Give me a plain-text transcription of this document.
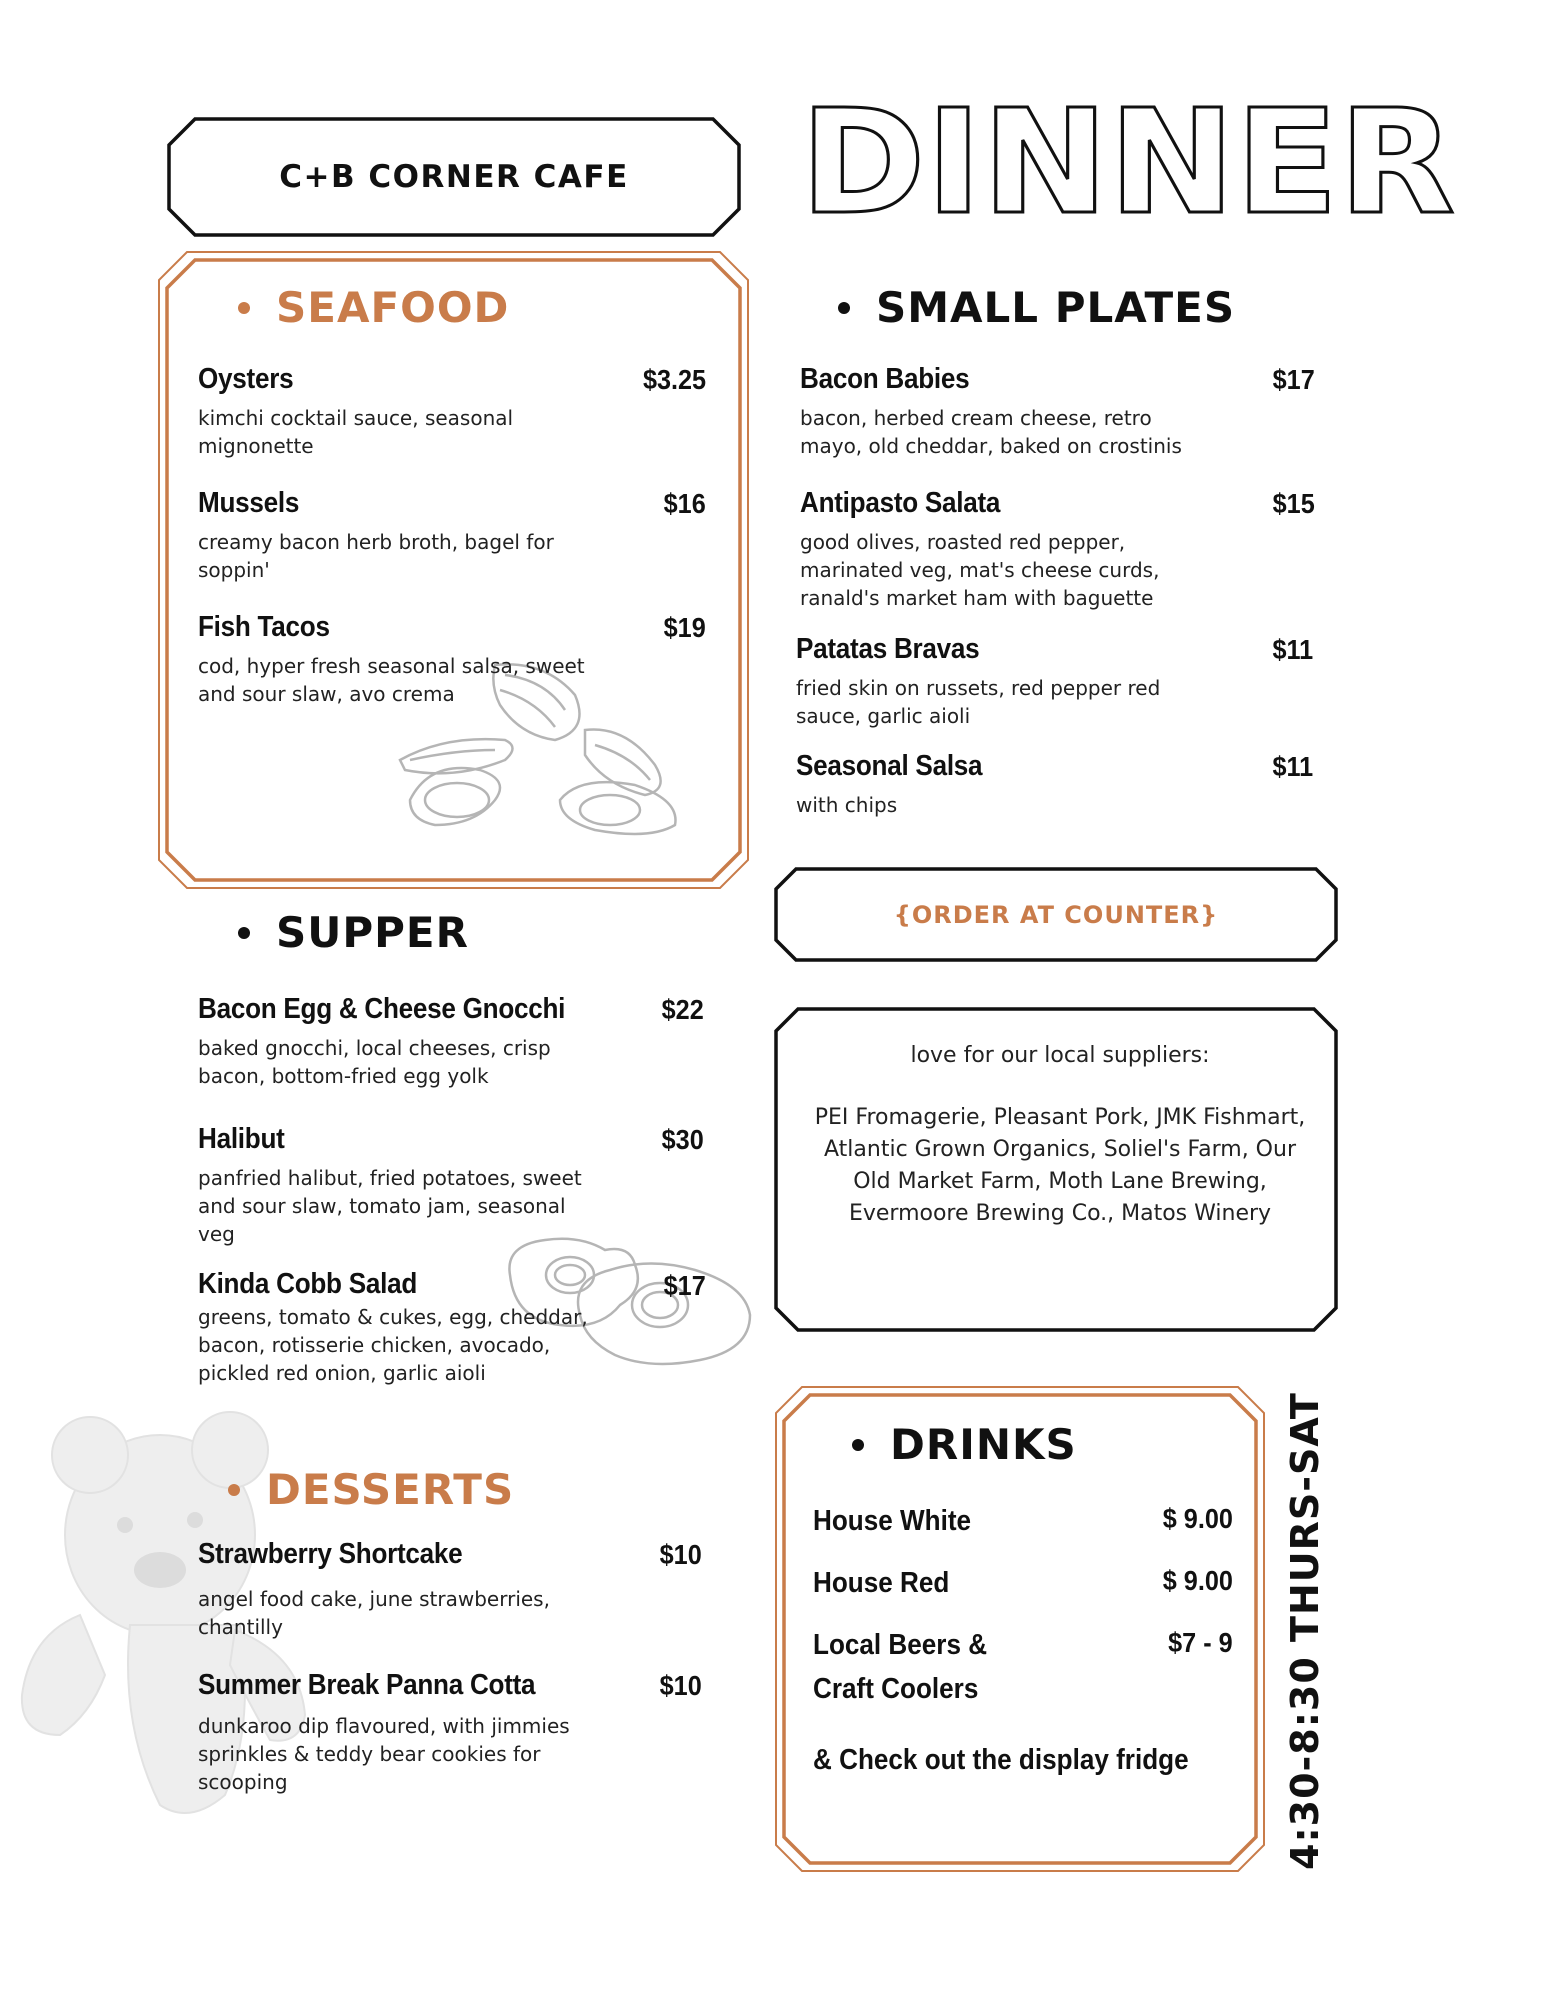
C+B CORNER CAFE	DINNER
SEAFOOD
Oysters
kimchi cocktail sauce, seasonal
mignonette
$3.25
Mussels
creamy bacon herb broth, bagel for
soppin'
$16
Fish Tacos
cod, hyper fresh seasonal salsa, sweet
and sour slaw, avo crema
$19
SMALL PLATES
Bacon Babies
bacon, herbed cream cheese, retro
mayo, old cheddar, baked on crostinis
$17
Antipasto Salata
good olives, roasted red pepper,
marinated veg, mat's cheese curds,
ranald's market ham with baguette
$15
Patatas Bravas
fried skin on russets, red pepper red
sauce, garlic aioli
$11
Seasonal Salsa
with chips
$11
{ORDER AT COUNTER}
SUPPER
Bacon Egg & Cheese Gnocchi
baked gnocchi, local cheeses, crisp
bacon, bottom-fried egg yolk
$22
Halibut
panfried halibut, fried potatoes, sweet
and sour slaw, tomato jam, seasonal
veg
$30
Kinda Cobb Salad
greens, tomato & cukes, egg, cheddar,
bacon, rotisserie chicken, avocado,
pickled red onion, garlic aioli
$17
love for our local suppliers:
PEI Fromagerie, Pleasant Pork, JMK Fishmart,
Atlantic Grown Organics, Soliel's Farm, Our
Old Market Farm, Moth Lane Brewing,
Evermoore Brewing Co., Matos Winery
DESSERTS
Strawberry Shortcake
angel food cake, june strawberries,
chantilly
$10
Summer Break Panna Cotta
dunkaroo dip flavoured, with jimmies
sprinkles & teddy bear cookies for
scooping
$10
DRINKS
House White	$ 9.00
House Red	$ 9.00
Local Beers &
Craft Coolers
$7 - 9
& Check out the display fridge 4:30-8:30 THURS-SAT
